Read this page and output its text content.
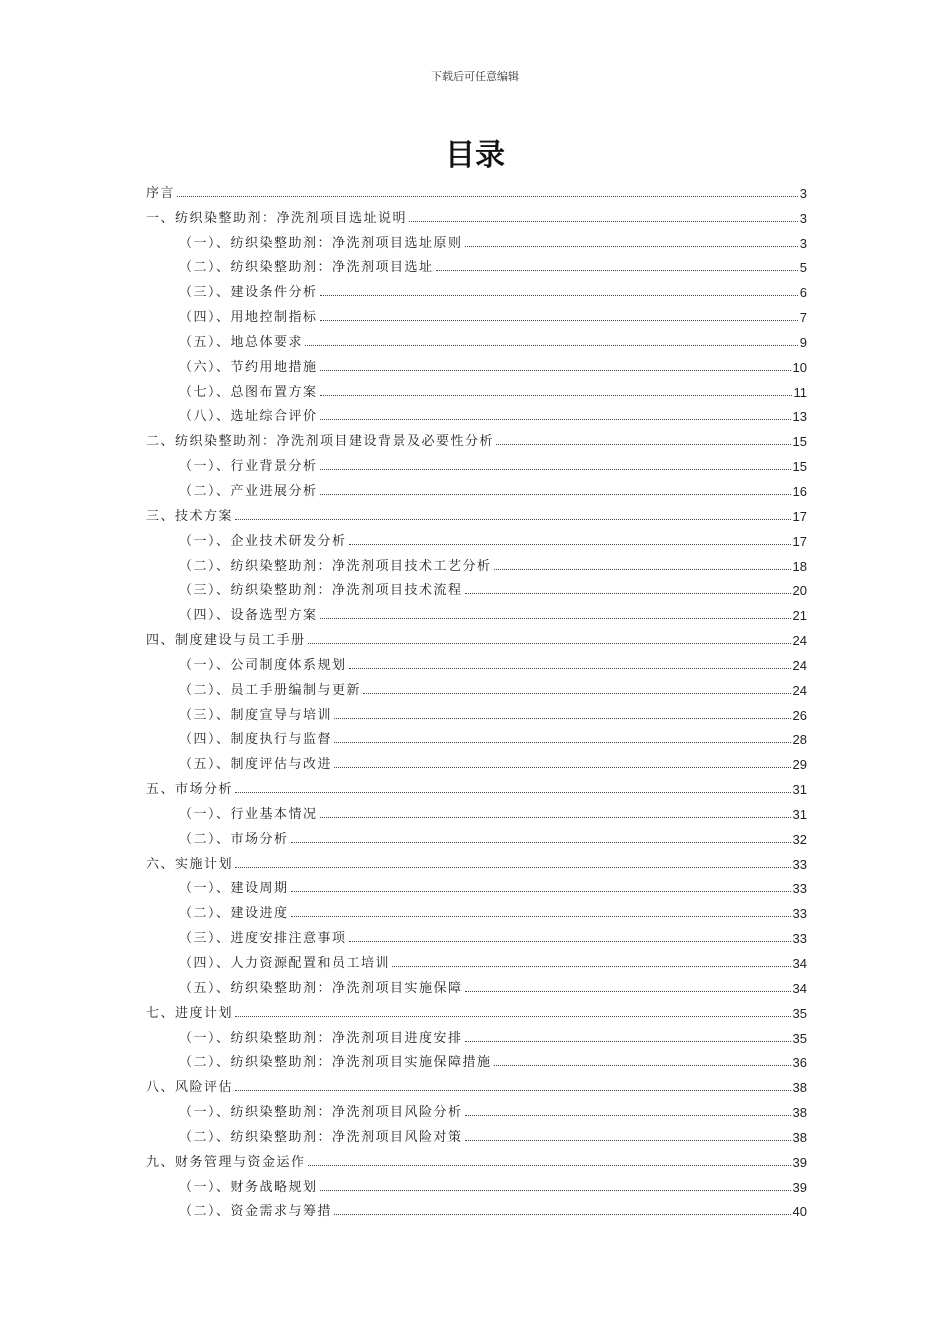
下载后可任意编辑
目录
序言	3
一、纺织染整助剂：净洗剂项目选址说明	3
（一）、纺织染整助剂：净洗剂项目选址原则	3
（二）、纺织染整助剂：净洗剂项目选址	5
（三）、建设条件分析	6
（四）、用地控制指标	7
（五）、地总体要求	9
（六）、节约用地措施	10
（七）、总图布置方案	11
（八）、选址综合评价	13
二、纺织染整助剂：净洗剂项目建设背景及必要性分析	15
（一）、行业背景分析	15
（二）、产业进展分析	16
三、技术方案	17
（一）、企业技术研发分析	17
（二）、纺织染整助剂：净洗剂项目技术工艺分析	18
（三）、纺织染整助剂：净洗剂项目技术流程	20
（四）、设备选型方案	21
四、制度建设与员工手册	24
（一）、公司制度体系规划	24
（二）、员工手册编制与更新	24
（三）、制度宣导与培训	26
（四）、制度执行与监督	28
（五）、制度评估与改进	29
五、市场分析	31
（一）、行业基本情况	31
（二）、市场分析	32
六、实施计划	33
（一）、建设周期	33
（二）、建设进度	33
（三）、进度安排注意事项	33
（四）、人力资源配置和员工培训	34
（五）、纺织染整助剂：净洗剂项目实施保障	34
七、进度计划	35
（一）、纺织染整助剂：净洗剂项目进度安排	35
（二）、纺织染整助剂：净洗剂项目实施保障措施	36
八、风险评估	38
（一）、纺织染整助剂：净洗剂项目风险分析	38
（二）、纺织染整助剂：净洗剂项目风险对策	38
九、财务管理与资金运作	39
（一）、财务战略规划	39
（二）、资金需求与筹措	40
